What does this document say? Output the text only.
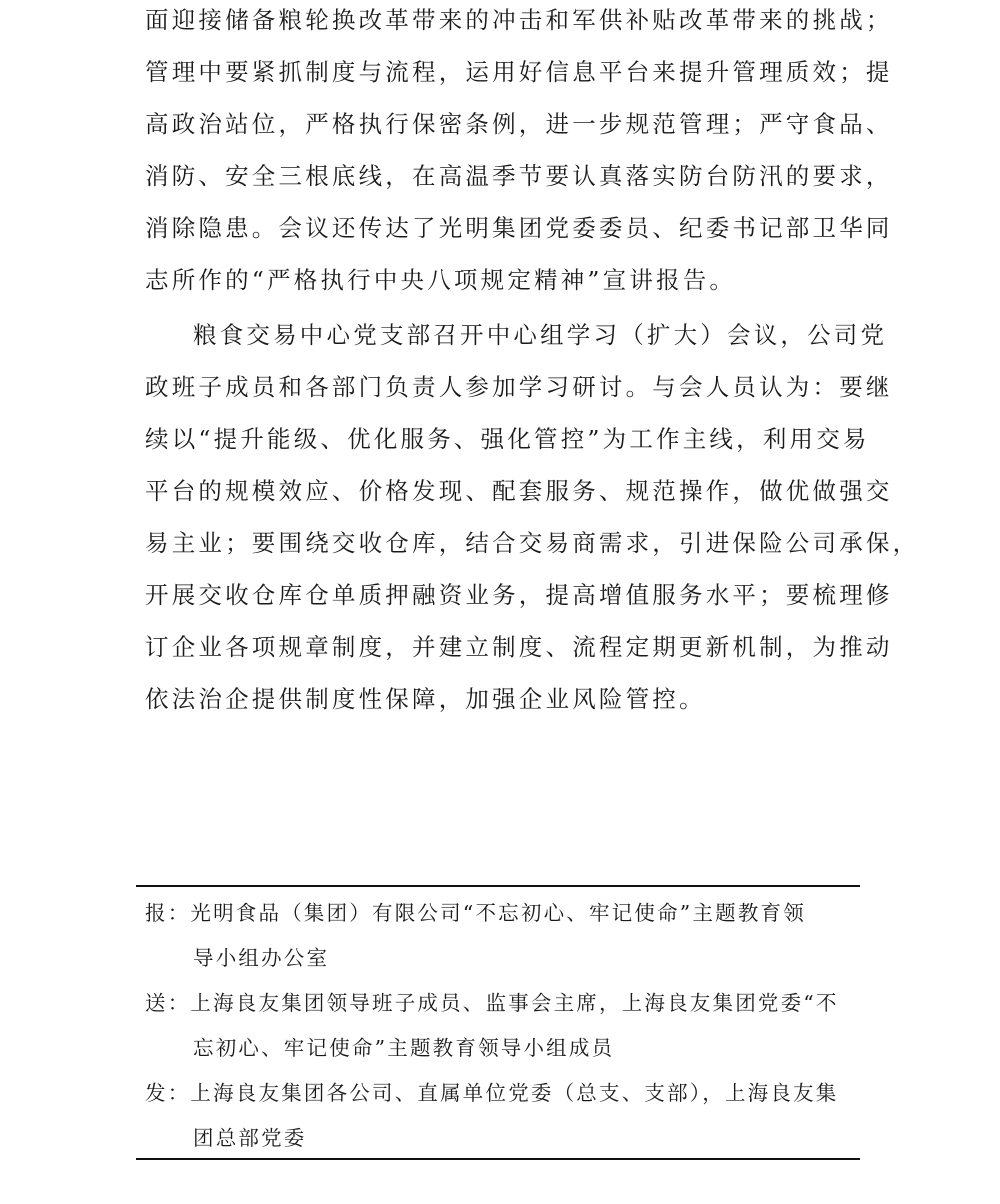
面迎接储备粮轮换改革带来的冲击和军供补贴改革带来的挑战；
管理中要紧抓制度与流程，运用好信息平台来提升管理质效；提
高政治站位，严格执行保密条例，进一步规范管理；严守食品、
消防、安全三根底线，在高温季节要认真落实防台防汛的要求，
消除隐患。会议还传达了光明集团党委委员、纪委书记部卫华同
志所作的“严格执行中央八项规定精神”宣讲报告。
粮食交易中心党支部召开中心组学习（扩大）会议，公司党
政班子成员和各部门负责人参加学习研讨。与会人员认为：要继
续以“提升能级、优化服务、强化管控”为工作主线，利用交易
平台的规模效应、价格发现、配套服务、规范操作，做优做强交
易主业；要围绕交收仓库，结合交易商需求，引进保险公司承保，
开展交收仓库仓单质押融资业务，提高增值服务水平；要梳理修
订企业各项规章制度，并建立制度、流程定期更新机制，为推动
依法治企提供制度性保障，加强企业风险管控。
报：光明食品（集团）有限公司“不忘初心、牢记使命”主题教育领
导小组办公室
送：上海良友集团领导班子成员、监事会主席，上海良友集团党委“不
忘初心、牢记使命”主题教育领导小组成员
发：上海良友集团各公司、直属单位党委（总支、支部），上海良友集
团总部党委
